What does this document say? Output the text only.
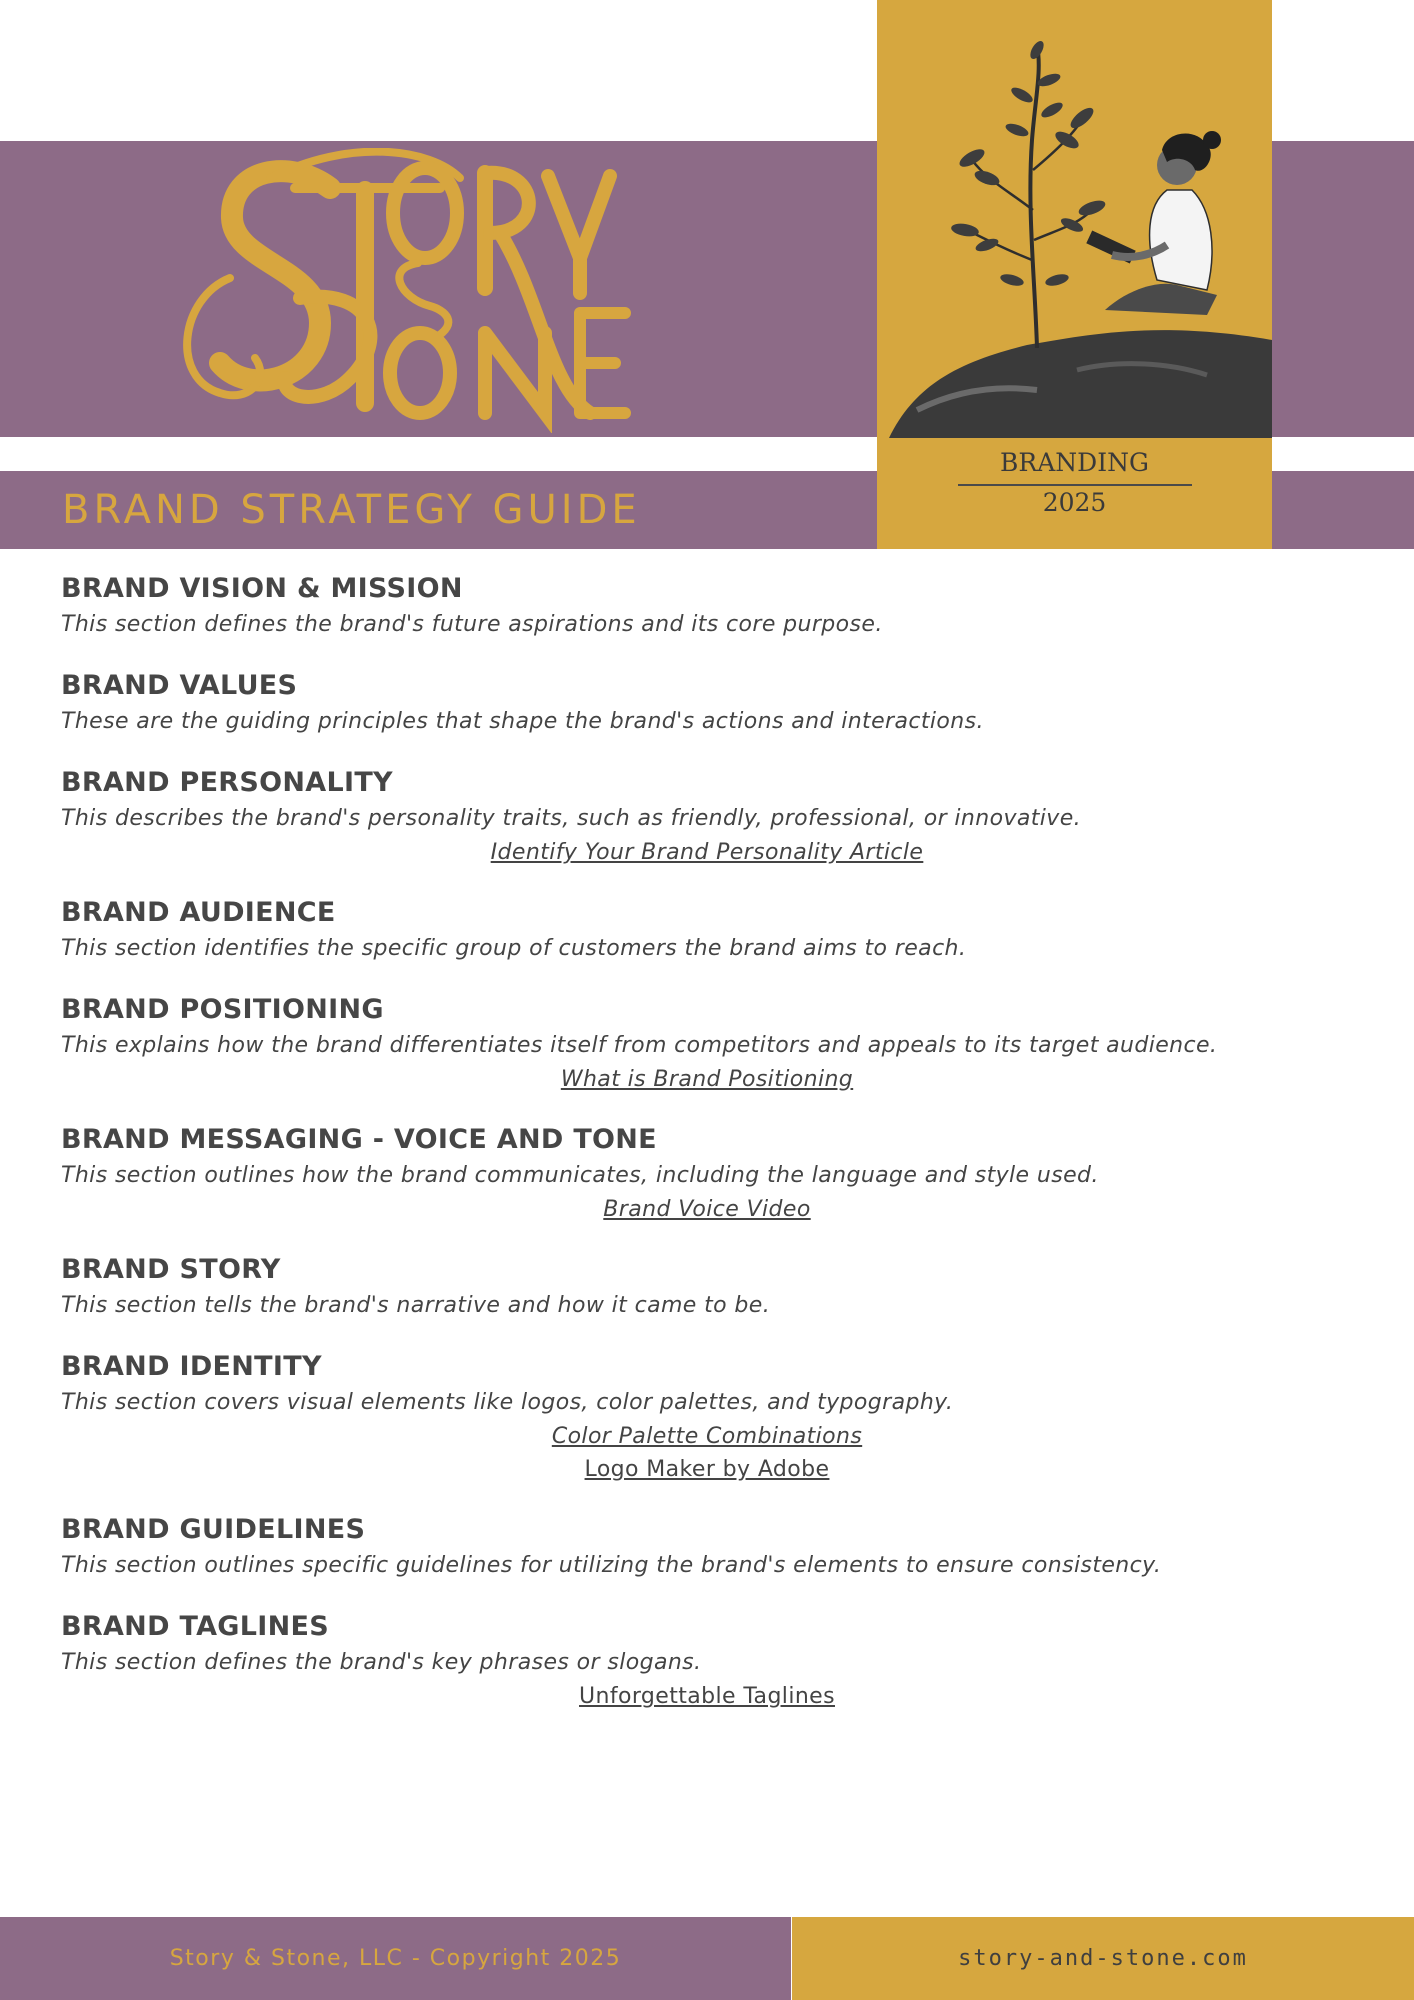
BRAND STRATEGY GUIDE
BRANDING
2025
BRAND VISION & MISSION

This section defines the brand's future aspirations and its core purpose.

BRAND VALUES

These are the guiding principles that shape the brand's actions and interactions.

BRAND PERSONALITY

This describes the brand's personality traits, such as friendly, professional, or innovative.

Identify Your Brand Personality Article
BRAND AUDIENCE

This section identifies the specific group of customers the brand aims to reach.

BRAND POSITIONING

This explains how the brand differentiates itself from competitors and appeals to its target audience.

What is Brand Positioning
BRAND MESSAGING - VOICE AND TONE

This section outlines how the brand communicates, including the language and style used.

Brand Voice Video
BRAND STORY

This section tells the brand's narrative and how it came to be.

BRAND IDENTITY

This section covers visual elements like logos, color palettes, and typography.

Color Palette Combinations
Logo Maker by Adobe
BRAND GUIDELINES

This section outlines specific guidelines for utilizing the brand's elements to ensure consistency.

BRAND TAGLINES

This section defines the brand's key phrases or slogans.

Unforgettable Taglines
Story & Stone, LLC - Copyright 2025	story-and-stone.com
